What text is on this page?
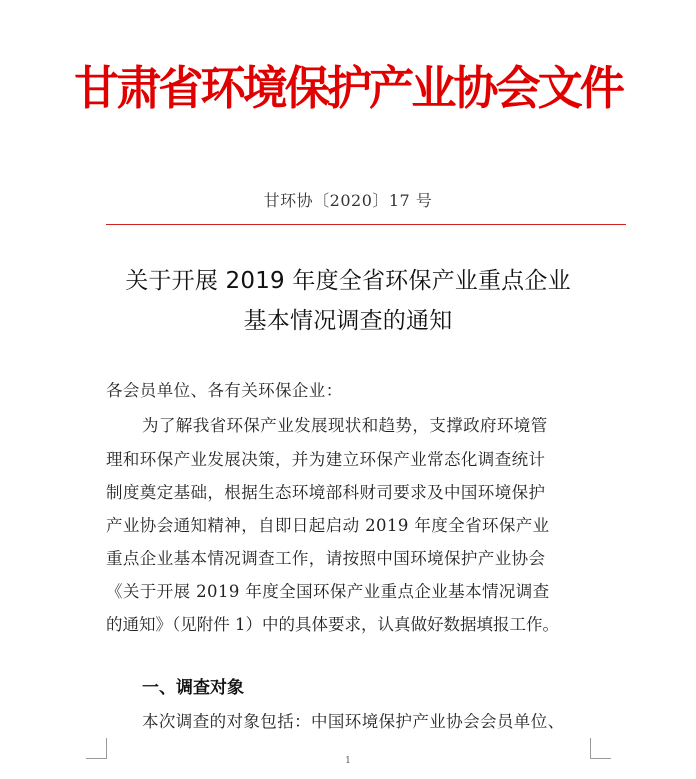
甘肃省环境保护产业协会文件
甘环协〔2020〕17 号
关于开展 2019 年度全省环保产业重点企业
基本情况调查的通知
各会员单位、各有关环保企业：
为了解我省环保产业发展现状和趋势，支撑政府环境管
理和环保产业发展决策，并为建立环保产业常态化调查统计
制度奠定基础，根据生态环境部科财司要求及中国环境保护
产业协会通知精神，自即日起启动 2019 年度全省环保产业
重点企业基本情况调查工作，请按照中国环境保护产业协会
《关于开展 2019 年度全国环保产业重点企业基本情况调查
的通知》（见附件 1）中的具体要求，认真做好数据填报工作。
一、调查对象
本次调查的对象包括：中国环境保护产业协会会员单位、
1
